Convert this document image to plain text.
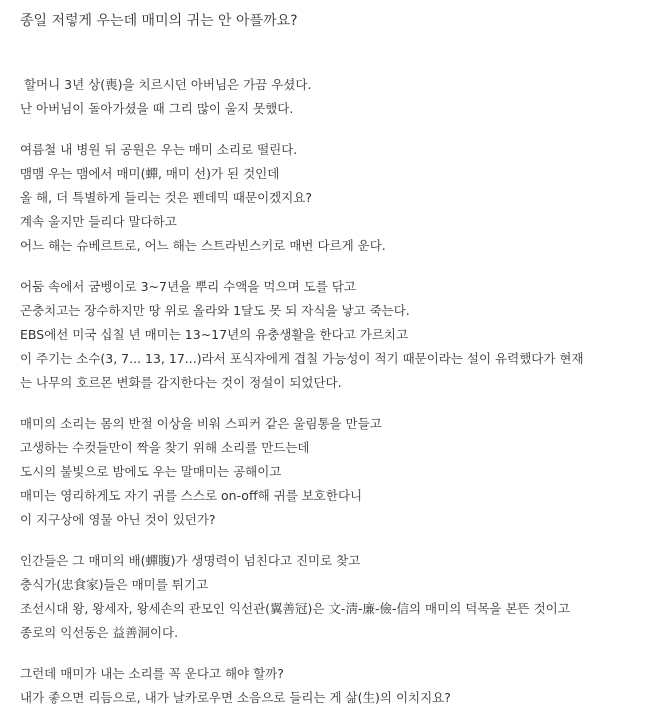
종일 저렇게 우는데 매미의 귀는 안 아플까요?

할머니 3년 상(喪)을 치르시던 아버님은 가끔 우셨다.

난 아버님이 돌아가셨을 때 그리 많이 울지 못했다.

여름철 내 병원 뒤 공원은 우는 매미 소리로 떨린다.

맴맴 우는 맴에서 매미(蟬, 매미 선)가 된 것인데

올 해, 더 특별하게 들리는 것은 펜데믹 때문이겠지요?

계속 울지만 들리다 말다하고

어느 해는 슈베르트로, 어느 해는 스트라빈스키로 매번 다르게 운다.

어둠 속에서 굼벵이로 3~7년을 뿌리 수액을 먹으며 도를 닦고

곤충치고는 장수하지만 땅 위로 올라와 1달도 못 되 자식을 낳고 죽는다.

EBS에선 미국 십칠 년 매미는 13~17년의 유충생활을 한다고 가르치고

이 주기는 소수(3, 7... 13, 17...)라서 포식자에게 겹칠 가능성이 적기 때문이라는 설이 유력했다가 현재

는 나무의 호르몬 변화를 감지한다는 것이 정설이 되었단다.

매미의 소리는 몸의 반절 이상을 비워 스피커 같은 울림통을 만들고

고생하는 수컷들만이 짝을 찾기 위해 소리를 만드는데

도시의 불빛으로 밤에도 우는 말매미는 공해이고

매미는 영리하게도 자기 귀를 스스로 on-off해 귀를 보호한다니

이 지구상에 영물 아닌 것이 있던가?

인간들은 그 매미의 배(蟬腹)가 생명력이 넘친다고 진미로 찾고

충식가(忠食家)들은 매미를 튀기고

조선시대 왕, 왕세자, 왕세손의 관모인 익선관(翼善冠)은 文-淸-廉-儉-信의 매미의 덕목을 본뜬 것이고

종로의 익선동은 益善洞이다.

그런데 매미가 내는 소리를 꼭 운다고 해야 할까?

내가 좋으면 리듬으로, 내가 날카로우면 소음으로 들리는 게 삶(生)의 이치지요?
